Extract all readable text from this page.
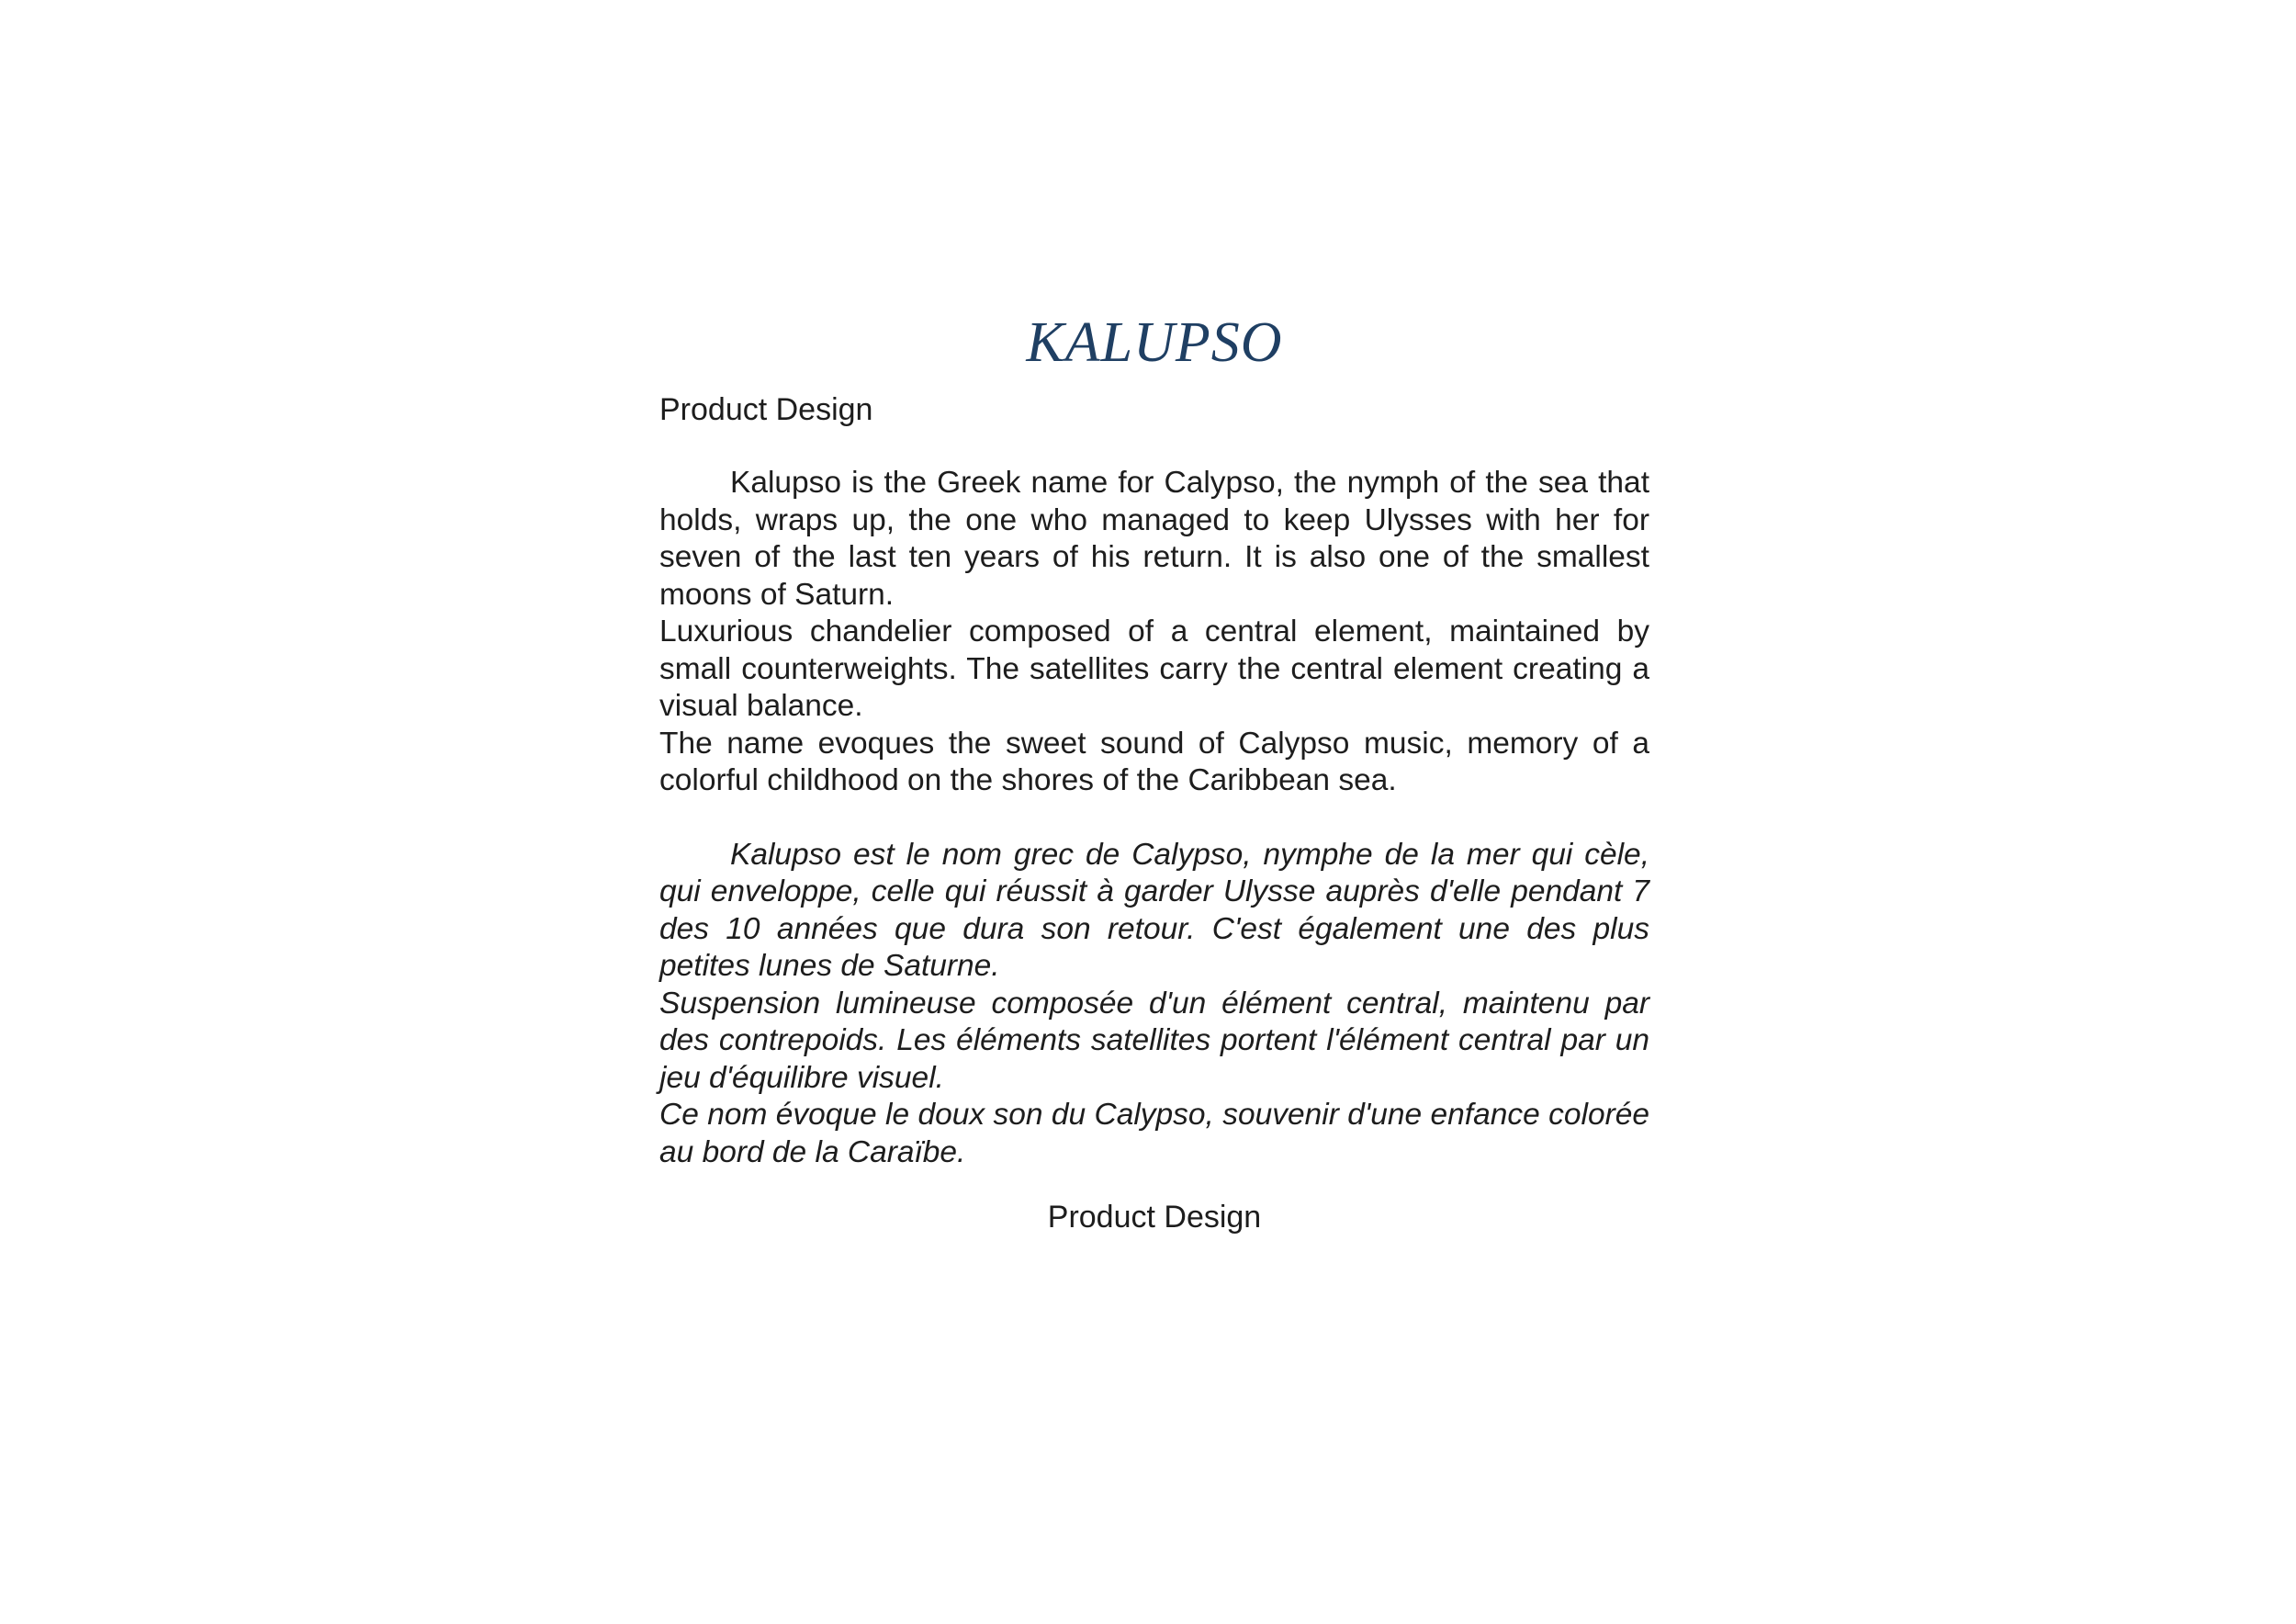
KALUPSO
Product Design

Kalupso is the Greek name for Calypso, the nymph of the sea that holds, wraps up, the one who managed to keep Ulysses with her for seven of the last ten years of his return. It is also one of the smallest moons of Saturn.

Luxurious chandelier composed of a central element, maintained by small counterweights. The satellites carry the central element creating a visual balance.

The name evoques the sweet sound of Calypso music, memory of a colorful childhood on the shores of the Caribbean sea.

Kalupso est le nom grec de Calypso, nymphe de la mer qui cèle, qui enveloppe, celle qui réussit à garder Ulysse auprès d'elle pendant 7 des 10 années que dura son retour. C'est également une des plus petites lunes de Saturne.

Suspension lumineuse composée d'un élément central, maintenu par des contrepoids. Les éléments satellites portent l'élément central par un jeu d'équilibre visuel.

Ce nom évoque le doux son du Calypso, souvenir d'une enfance colorée au bord de la Caraïbe.

Product Design
